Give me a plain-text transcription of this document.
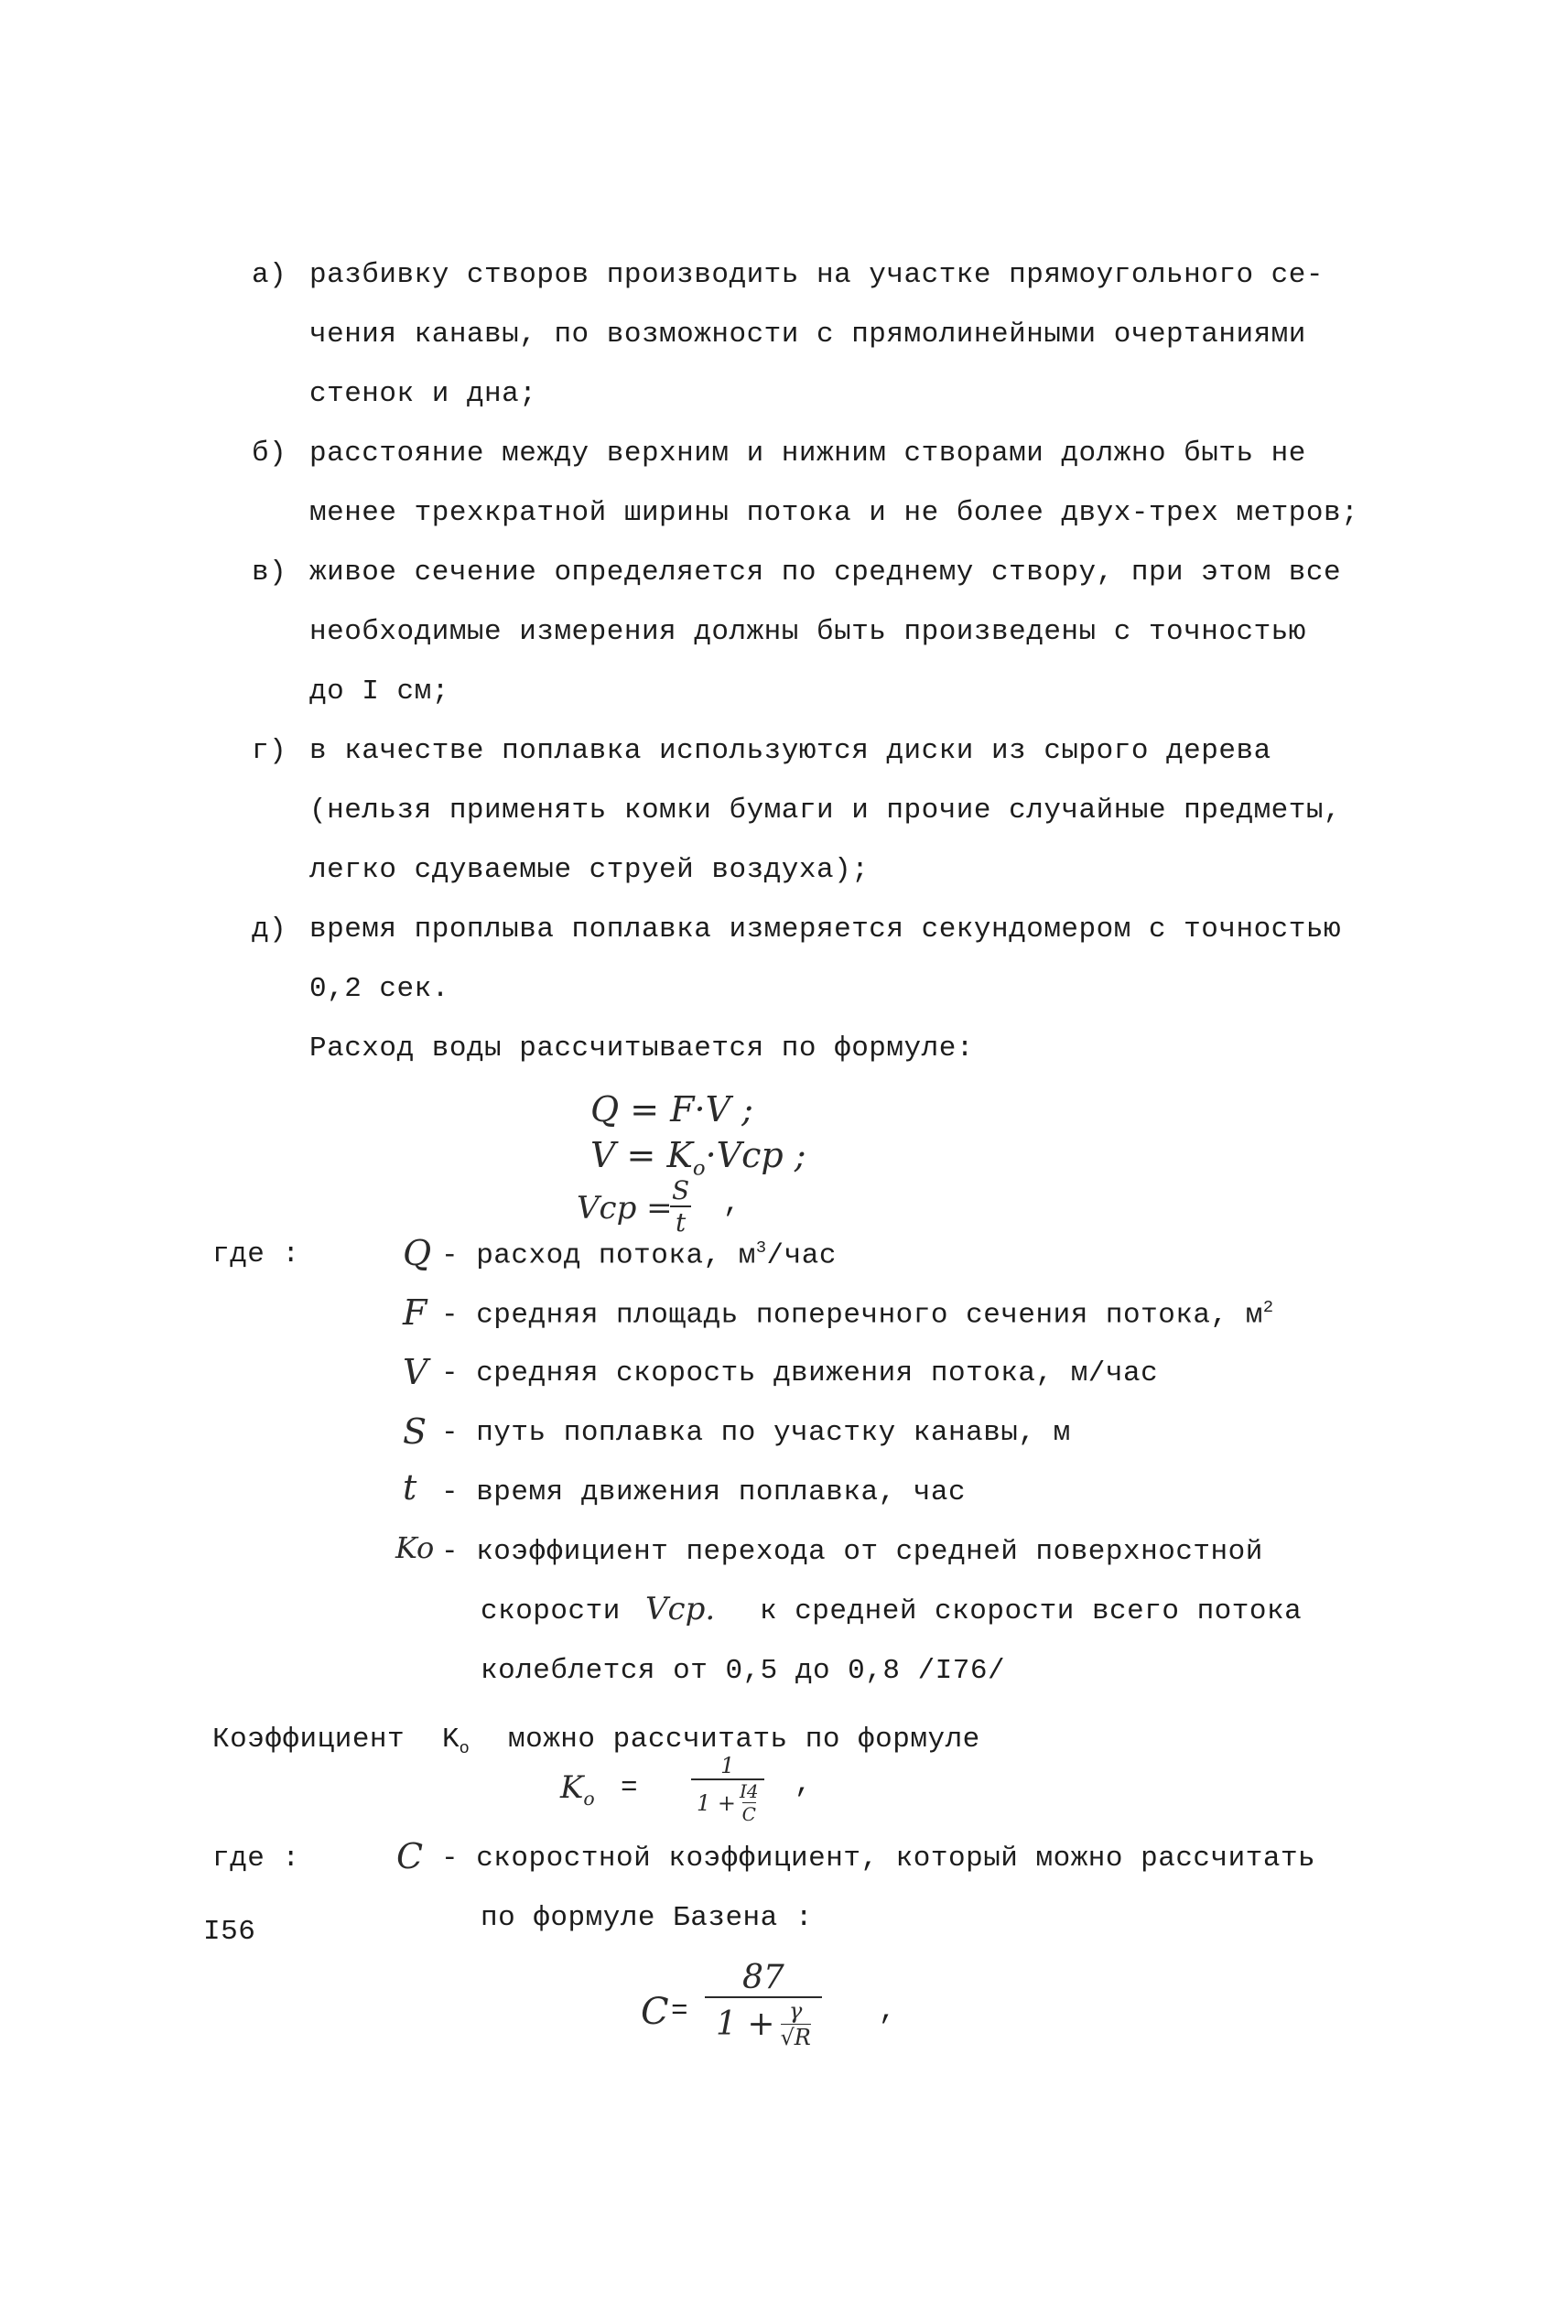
а) разбивку створов производить на участке прямоугольного се-
чения канавы, по возможности с прямолинейными очертаниями
стенок и дна;
б) расстояние между верхним и нижним створами должно быть не
менее трехкратной ширины потока и не более двух-трех метров;
в) живое сечение определяется по среднему створу, при этом все
необходимые измерения должны быть произведены с точностью
до I см;
г) в качестве поплавка используются диски из сырого дерева
(нельзя применять комки бумаги и прочие случайные предметы,
легко сдуваемые струей воздуха);
д) время проплыва поплавка измеряется секундомером с точностью
0,2 сек.
Расход воды рассчитывается по формуле:
Q = F·V ;
$V = K_o\cdot Vcp$ ;
Vcp =
$\frac{S}{t}$ ,
где :	Q - расход потока, $м^3$/час
F - средняя площадь поперечного сечения потока, $м^2$
V - средняя скорость движения потока, м/час
S - путь поплавка по участку канавы, м
t - время движения поплавка, час
Ko - коэффициент перехода от средней поверхностной
скорости Vcp. к средней скорости всего потока
колеблется от 0,5 до 0,8 /I76/
Коэффициент $K_o$ можно рассчитать по формуле
$K_o = \frac{1}{1 + \frac{I4}{C}}$ ,
где :	C - скоростной коэффициент, который можно рассчитать
по формуле Базена :
I56
$C = \frac{87}{1 + \frac{\gamma}{√R}}$ ,
